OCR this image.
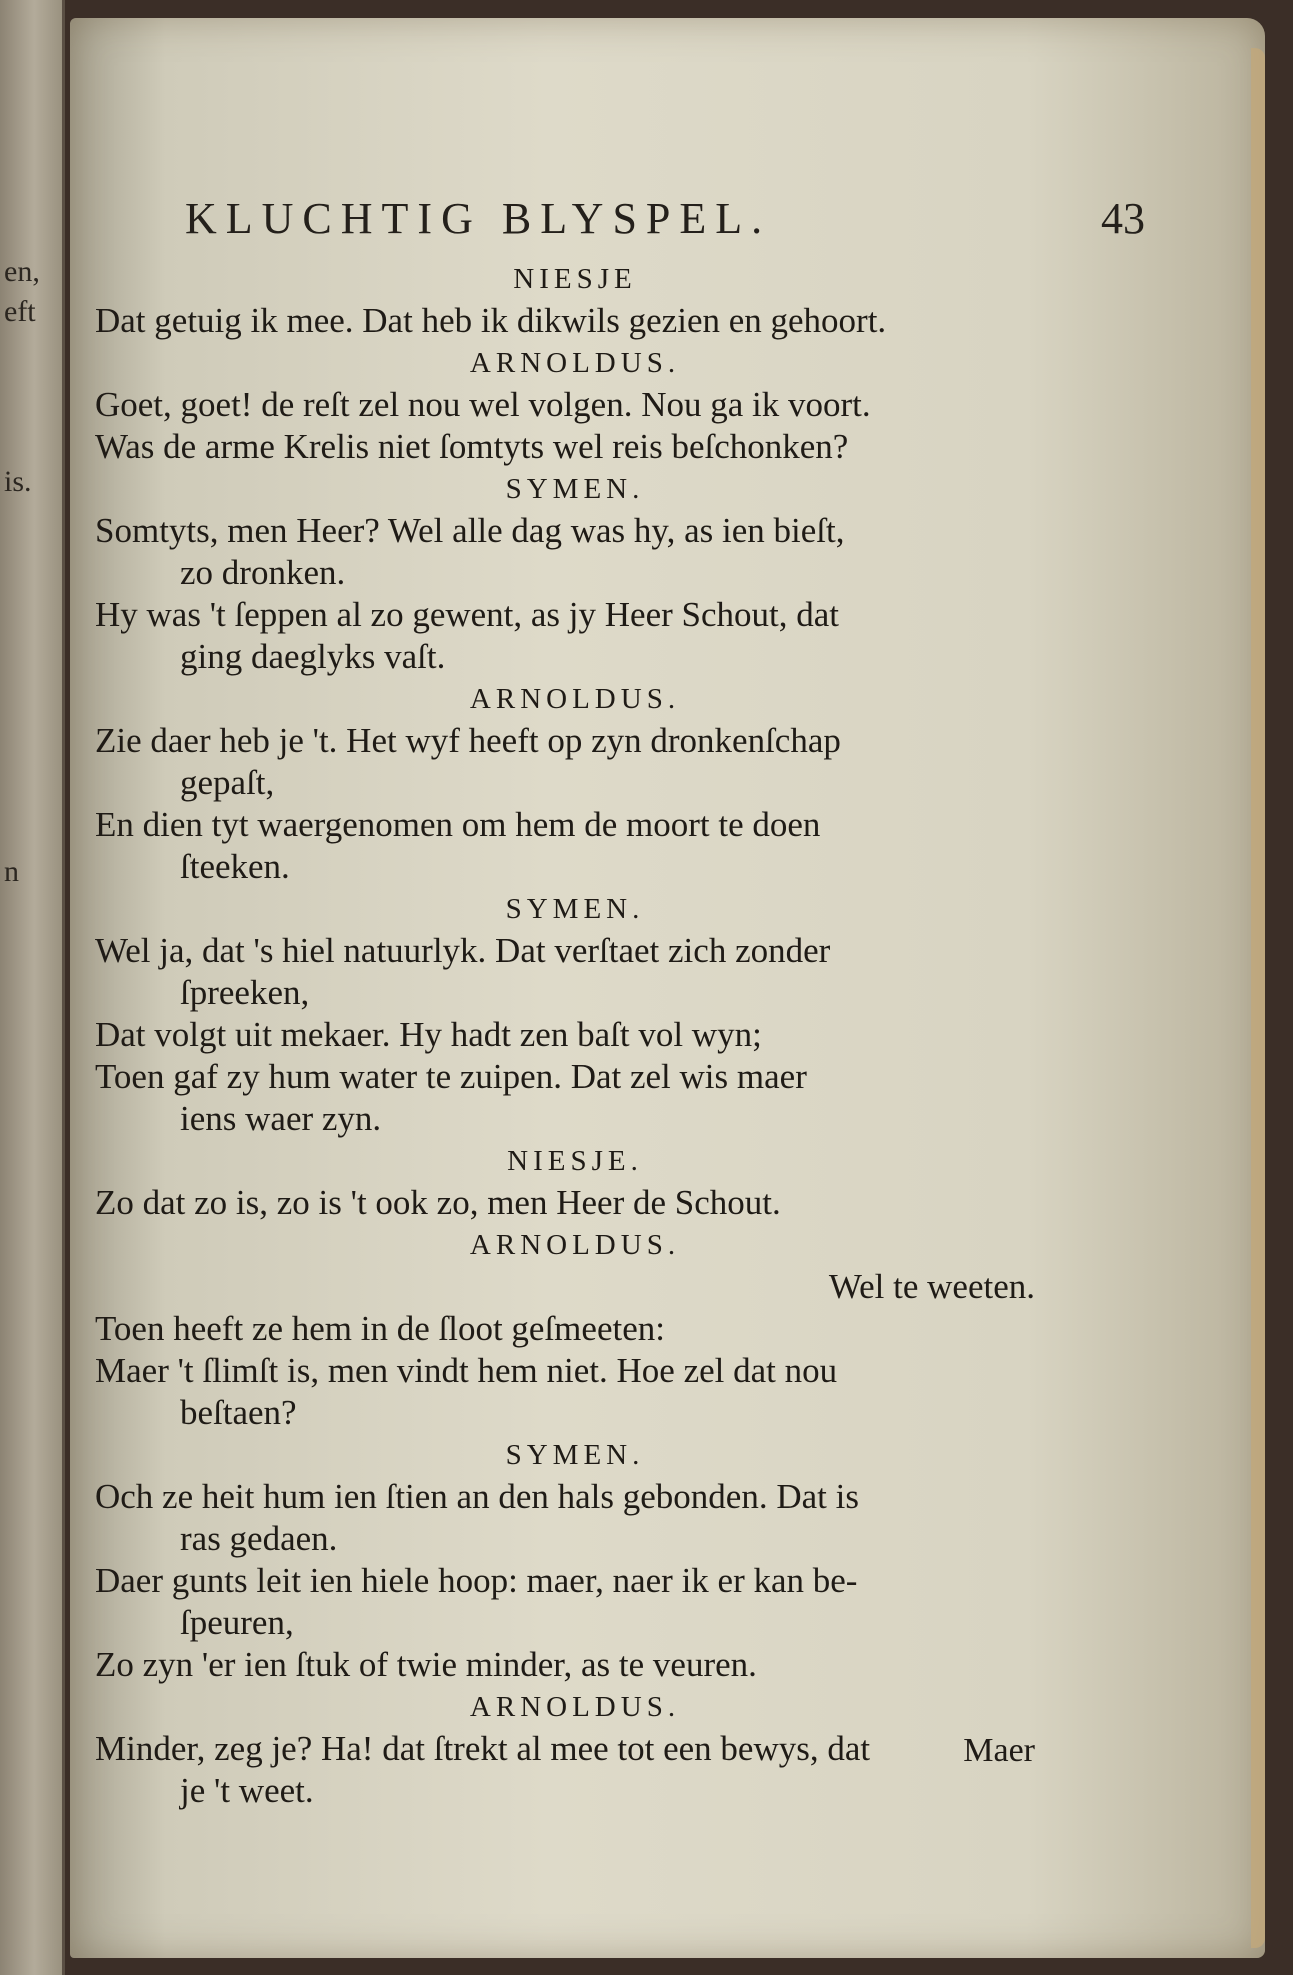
en,
eft
is.
n
KLUCHTIG BLYSPEL.	43
NIESJE
Dat getuig ik mee. Dat heb ik dikwils gezien en gehoort.
ARNOLDUS.
Goet, goet! de reſt zel nou wel volgen. Nou ga ik voort.
Was de arme Krelis niet ſomtyts wel reis beſchonken?
SYMEN.
Somtyts, men Heer? Wel alle dag was hy, as ien bieſt,
zo dronken.
Hy was 't ſeppen al zo gewent, as jy Heer Schout, dat
ging daeglyks vaſt.
ARNOLDUS.
Zie daer heb je 't. Het wyf heeft op zyn dronkenſchap
gepaſt,
En dien tyt waergenomen om hem de moort te doen
ſteeken.
SYMEN.
Wel ja, dat 's hiel natuurlyk. Dat verſtaet zich zonder
ſpreeken,
Dat volgt uit mekaer. Hy hadt zen baſt vol wyn;
Toen gaf zy hum water te zuipen. Dat zel wis maer
iens waer zyn.
NIESJE.
Zo dat zo is, zo is 't ook zo, men Heer de Schout.
ARNOLDUS.
Wel te weeten.
Toen heeft ze hem in de ſloot geſmeeten:
Maer 't ſlimſt is, men vindt hem niet. Hoe zel dat nou
beſtaen?
SYMEN.
Och ze heit hum ien ſtien an den hals gebonden. Dat is
ras gedaen.
Daer gunts leit ien hiele hoop: maer, naer ik er kan be-
ſpeuren,
Zo zyn 'er ien ſtuk of twie minder, as te veuren.
ARNOLDUS.
Minder, zeg je? Ha! dat ſtrekt al mee tot een bewys, dat
je 't weet.
Maer
